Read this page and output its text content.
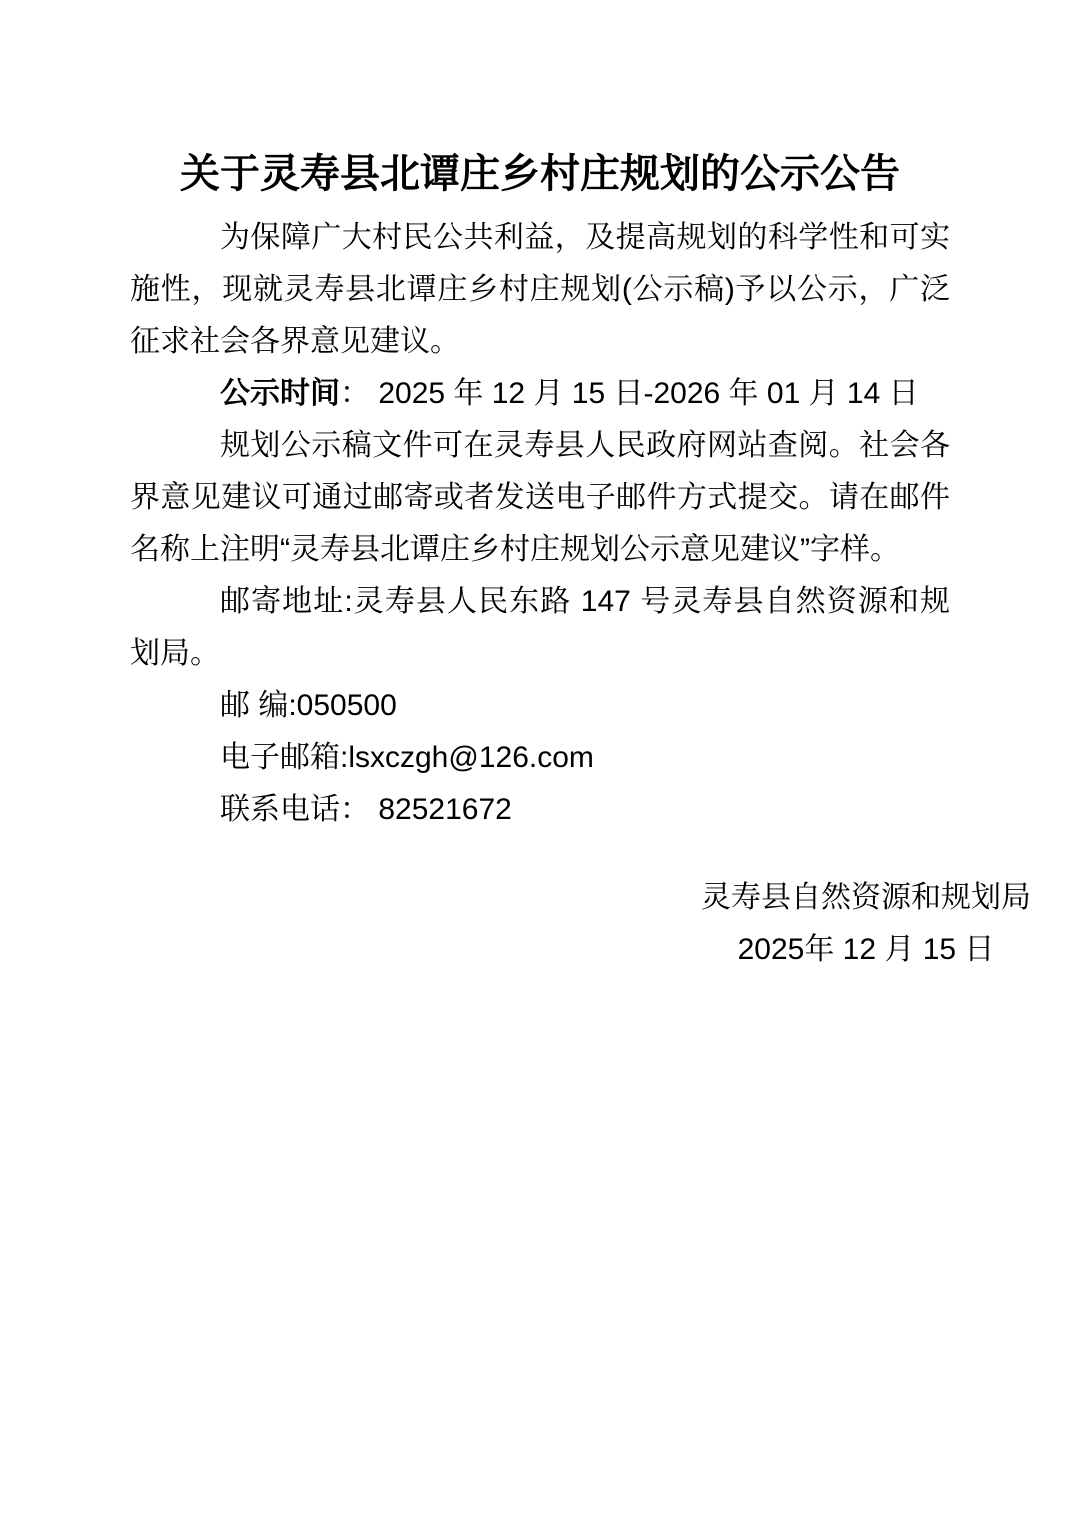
关于灵寿县北谭庄乡村庄规划的公示公告

为保障广大村民公共利益，及提高规划的科学性和可实施性，现就灵寿县北谭庄乡村庄规划(公示稿)予以公示，广泛征求社会各界意见建议。

公示时间： 2025 年 12 月 15 日-2026 年 01 月 14 日

规划公示稿文件可在灵寿县人民政府网站查阅。社会各界意见建议可通过邮寄或者发送电子邮件方式提交。请在邮件名称上注明“灵寿县北谭庄乡村庄规划公示意见建议”字样。

邮寄地址:灵寿县人民东路 147 号灵寿县自然资源和规划局。

邮 编:050500

电子邮箱:lsxczgh@126.com

联系电话： 82521672

灵寿县自然资源和规划局
2025年 12 月 15 日
